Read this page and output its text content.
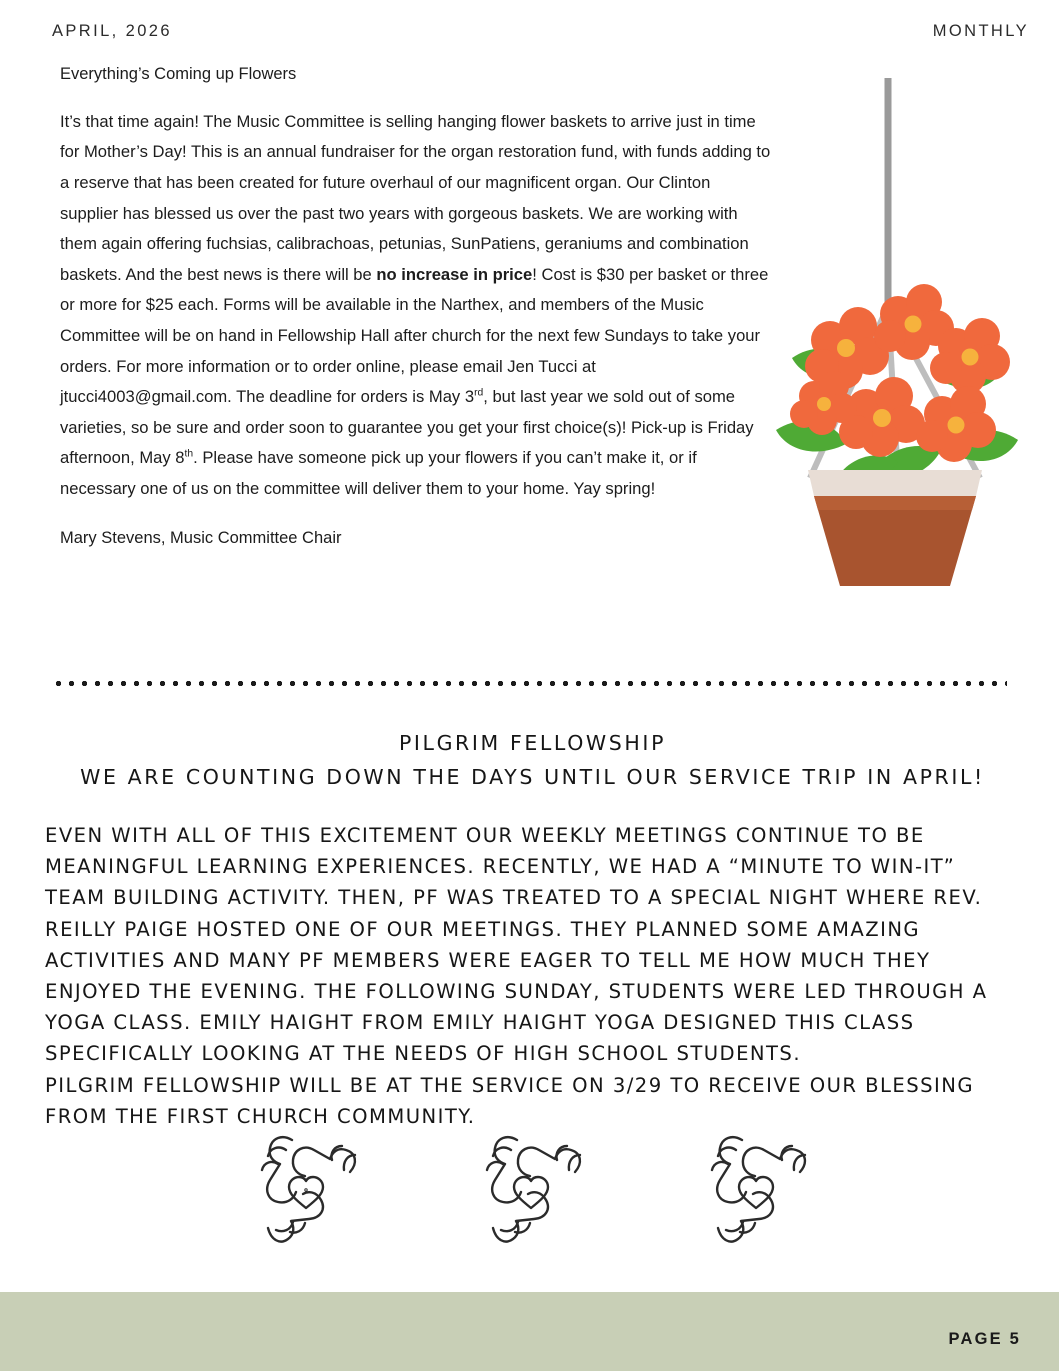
APRIL, 2026	MONTHLY
Everything’s Coming up Flowers
It’s that time again! The Music Committee is selling hanging flower baskets to arrive just in time for Mother’s Day! This is an annual fundraiser for the organ restoration fund, with funds adding to a reserve that has been created for future overhaul of our magnificent organ. Our Clinton supplier has blessed us over the past two years with gorgeous baskets. We are working with them again offering fuchsias, calibrachoas, petunias, SunPatiens, geraniums and combination baskets. And the best news is there will be no increase in price! Cost is $30 per basket or three or more for $25 each. Forms will be available in the Narthex, and members of the Music Committee will be on hand in Fellowship Hall after church for the next few Sundays to take your orders. For more information or to order online, please email Jen Tucci at jtucci4003@gmail.com. The deadline for orders is May 3rd, but last year we sold out of some varieties, so be sure and order soon to guarantee you get your first choice(s)! Pick-up is Friday afternoon, May 8th. Please have someone pick up your flowers if you can’t make it, or if necessary one of us on the committee will deliver them to your home. Yay spring!
Mary Stevens, Music Committee Chair
PILGRIM FELLOWSHIP
WE ARE COUNTING DOWN THE DAYS UNTIL OUR SERVICE TRIP IN APRIL!
EVEN WITH ALL OF THIS EXCITEMENT OUR WEEKLY MEETINGS CONTINUE TO BE
MEANINGFUL LEARNING EXPERIENCES. RECENTLY, WE HAD A “MINUTE TO WIN-IT”
TEAM BUILDING ACTIVITY. THEN, PF WAS TREATED TO A SPECIAL NIGHT WHERE REV.
REILLY PAIGE HOSTED ONE OF OUR MEETINGS. THEY PLANNED SOME AMAZING
ACTIVITIES AND MANY PF MEMBERS WERE EAGER TO TELL ME HOW MUCH THEY
ENJOYED THE EVENING. THE FOLLOWING SUNDAY, STUDENTS WERE LED THROUGH A
YOGA CLASS. EMILY HAIGHT FROM EMILY HAIGHT YOGA DESIGNED THIS CLASS
SPECIFICALLY LOOKING AT THE NEEDS OF HIGH SCHOOL STUDENTS.
PILGRIM FELLOWSHIP WILL BE AT THE SERVICE ON 3/29 TO RECEIVE OUR BLESSING
FROM THE FIRST CHURCH COMMUNITY.
PAGE 5
